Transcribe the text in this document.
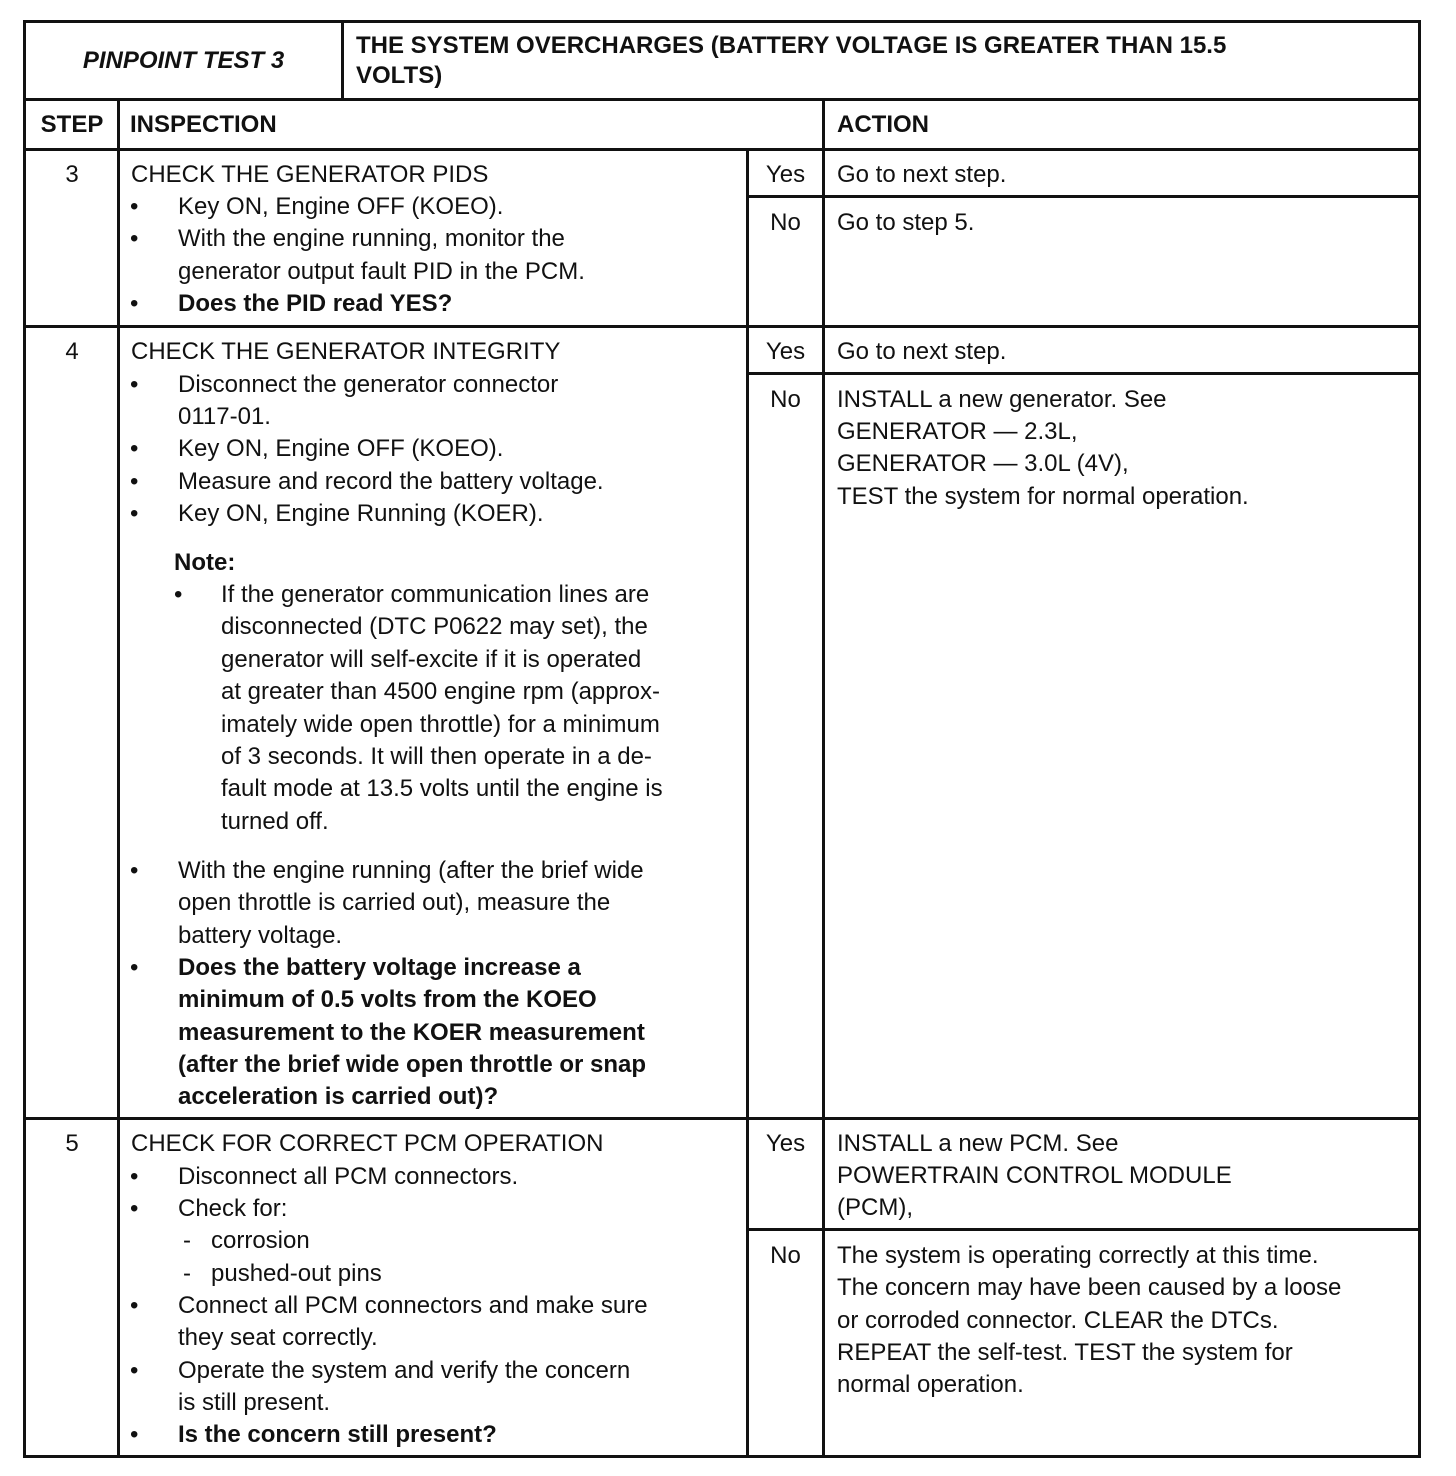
PINPOINT TEST 3
THE SYSTEM OVERCHARGES (BATTERY VOLTAGE IS GREATER THAN 15.5
VOLTS)
STEP	INSPECTION	ACTION
3	CHECK THE GENERATOR PIDS
• Key ON, Engine OFF (KOEO).
• With the engine running, monitor the
generator output fault PID in the PCM.
• Does the PID read YES?
Yes	Go to next step.
No	Go to step 5.
4	CHECK THE GENERATOR INTEGRITY
• Disconnect the generator connector
0117-01.
• Key ON, Engine OFF (KOEO).
• Measure and record the battery voltage.
• Key ON, Engine Running (KOER).
Note:
• If the generator communication lines are
disconnected (DTC P0622 may set), the
generator will self-excite if it is operated
at greater than 4500 engine rpm (approx-
imately wide open throttle) for a minimum
of 3 seconds. It will then operate in a de-
fault mode at 13.5 volts until the engine is
turned off.
• With the engine running (after the brief wide
open throttle is carried out), measure the
battery voltage.
• Does the battery voltage increase a
minimum of 0.5 volts from the KOEO
measurement to the KOER measurement
(after the brief wide open throttle or snap
acceleration is carried out)?
Yes	Go to next step.
No	INSTALL a new generator. See
GENERATOR — 2.3L,
GENERATOR — 3.0L (4V),
TEST the system for normal operation.
5	CHECK FOR CORRECT PCM OPERATION
• Disconnect all PCM connectors.
• Check for:
- corrosion
- pushed-out pins
• Connect all PCM connectors and make sure
they seat correctly.
• Operate the system and verify the concern
is still present.
• Is the concern still present?
Yes	INSTALL a new PCM. See
POWERTRAIN CONTROL MODULE
(PCM),
No	The system is operating correctly at this time.
The concern may have been caused by a loose
or corroded connector. CLEAR the DTCs.
REPEAT the self-test. TEST the system for
normal operation.
